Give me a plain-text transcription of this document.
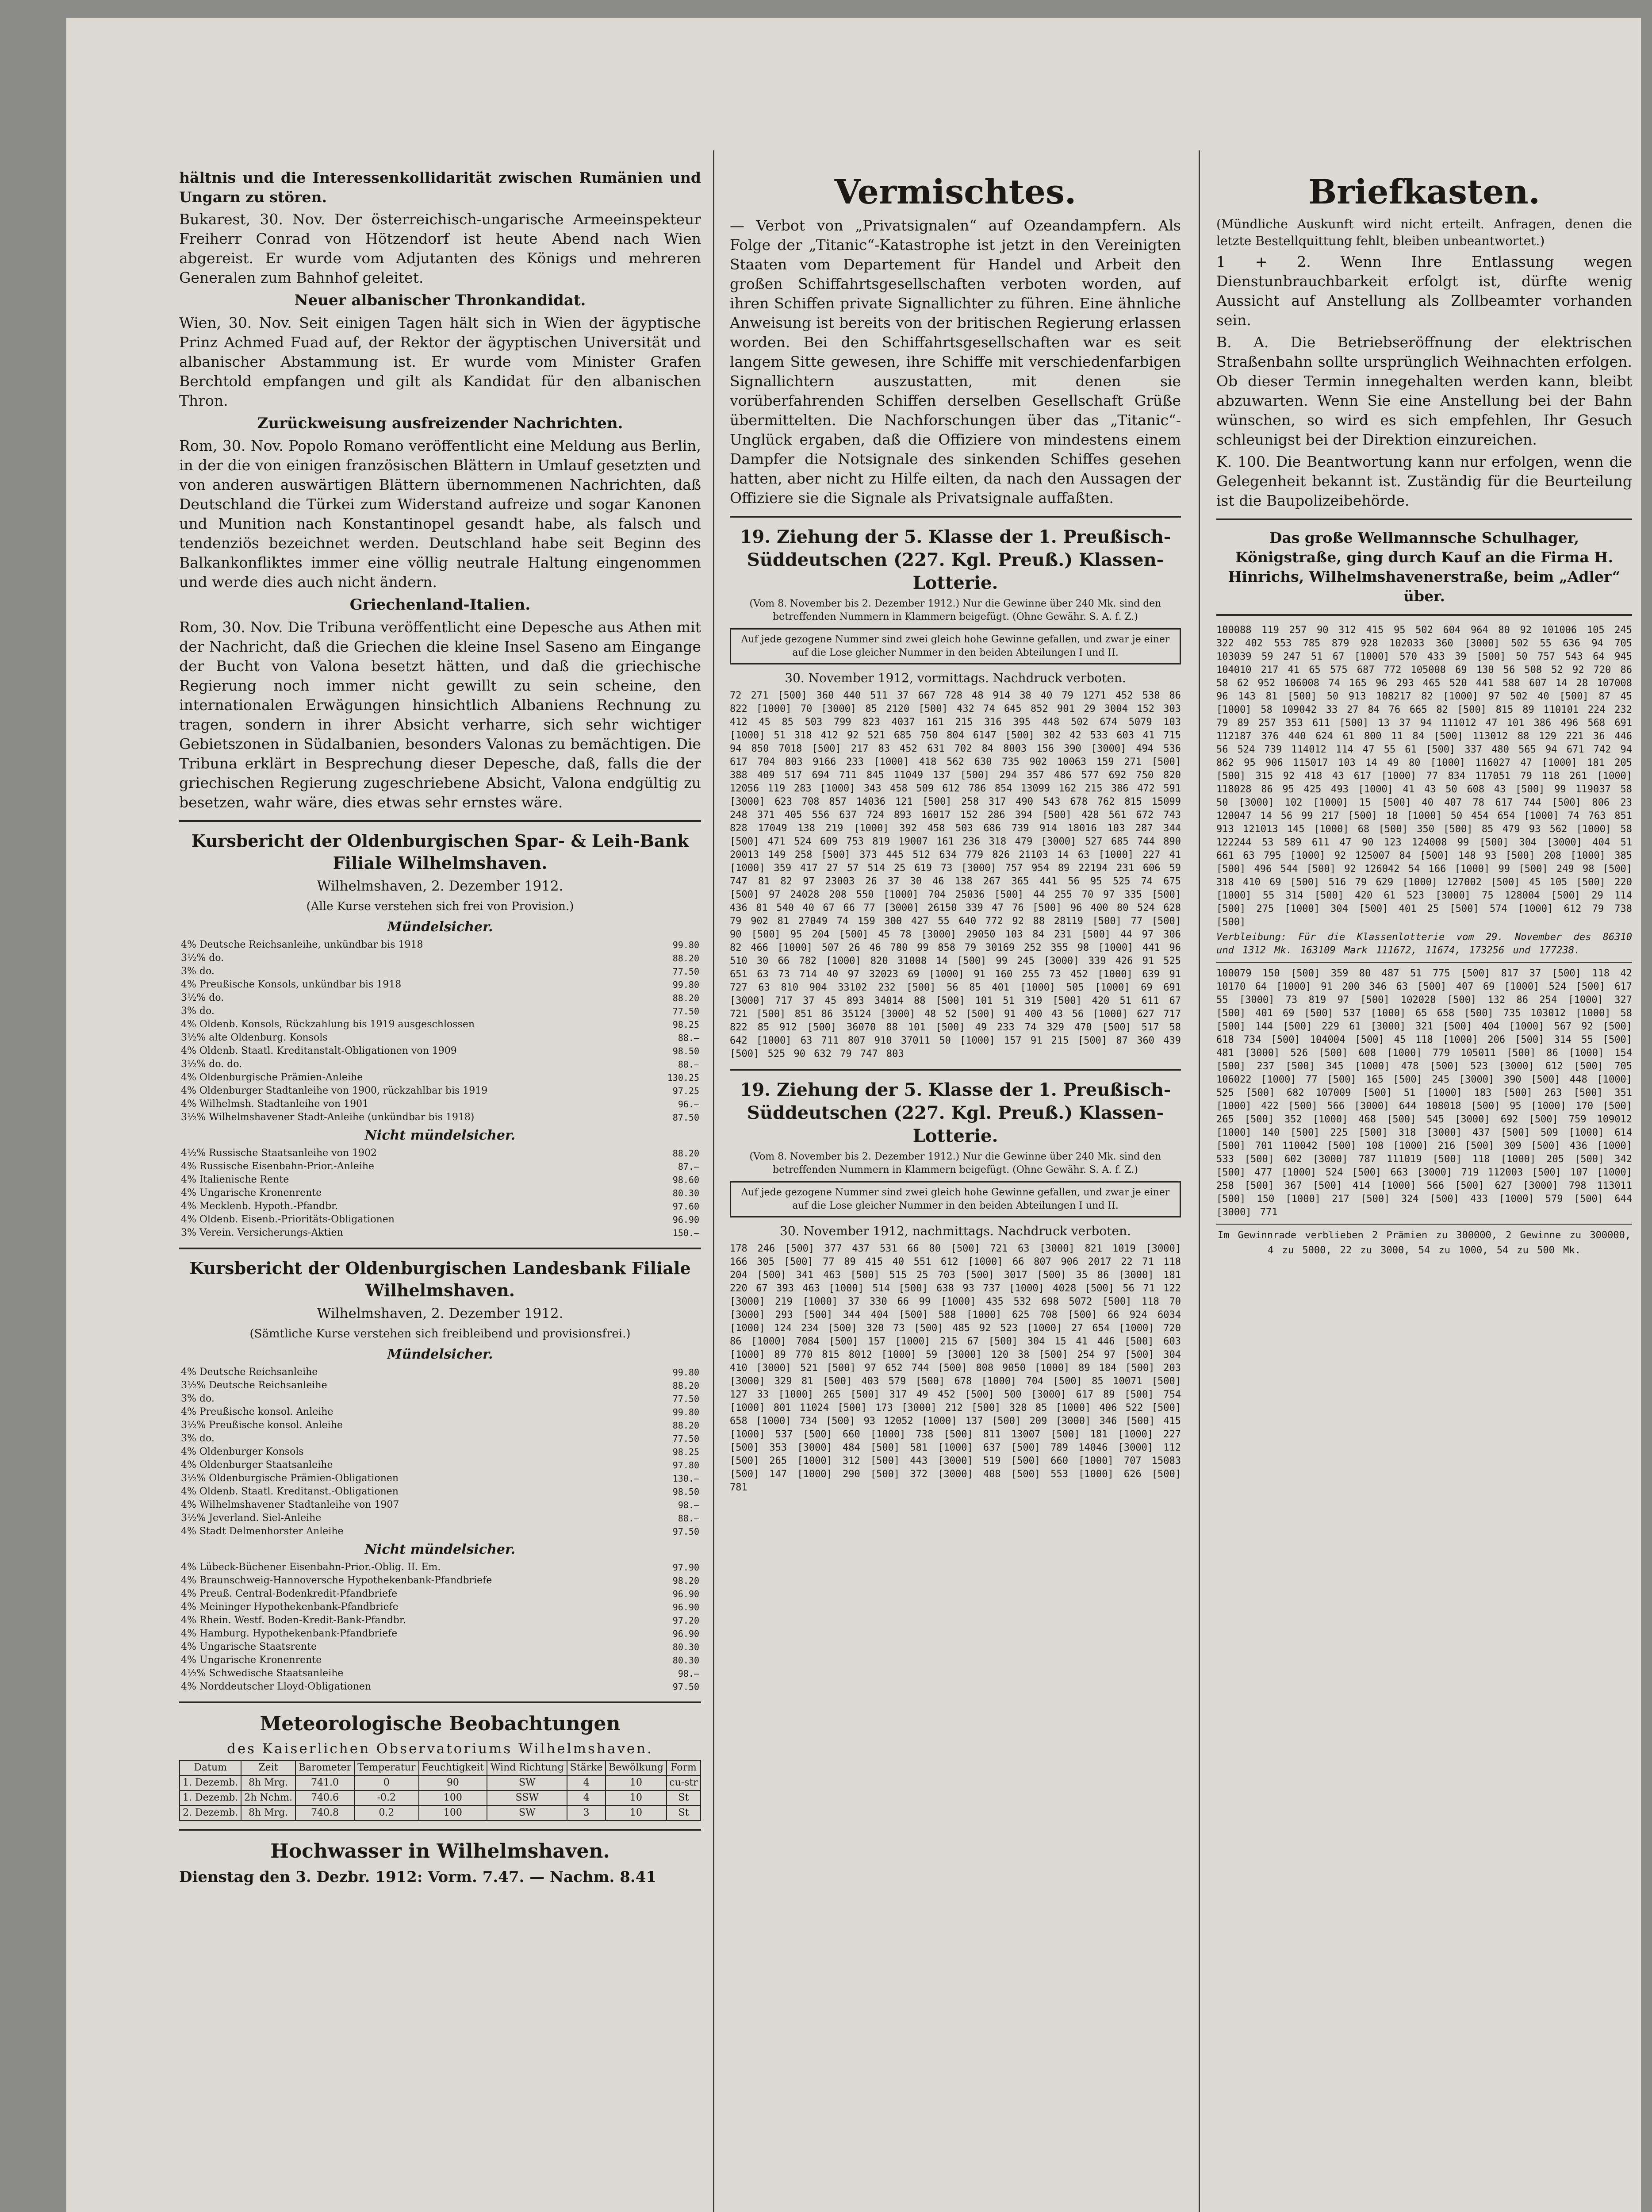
hältnis und die Interessenkollidarität zwischen Rumänien und Ungarn zu stören.

Bukarest, 30. Nov. Der österreichisch-ungarische Armeeinspekteur Freiherr Conrad von Hötzendorf ist heute Abend nach Wien abgereist. Er wurde vom Adjutanten des Königs und mehreren Generalen zum Bahnhof geleitet.

Neuer albanischer Thronkandidat.

Wien, 30. Nov. Seit einigen Tagen hält sich in Wien der ägyptische Prinz Achmed Fuad auf, der Rektor der ägyptischen Universität und albanischer Abstammung ist. Er wurde vom Minister Grafen Berchtold empfangen und gilt als Kandidat für den albanischen Thron.

Zurückweisung ausfreizender Nachrichten.

Rom, 30. Nov. Popolo Romano veröffentlicht eine Meldung aus Berlin, in der die von einigen französischen Blättern in Umlauf gesetzten und von anderen auswärtigen Blättern übernommenen Nachrichten, daß Deutschland die Türkei zum Widerstand aufreize und sogar Kanonen und Munition nach Konstantinopel gesandt habe, als falsch und tendenziös bezeichnet werden. Deutschland habe seit Beginn des Balkankonfliktes immer eine völlig neutrale Haltung eingenommen und werde dies auch nicht ändern.

Griechenland-Italien.

Rom, 30. Nov. Die Tribuna veröffentlicht eine Depesche aus Athen mit der Nachricht, daß die Griechen die kleine Insel Saseno am Eingange der Bucht von Valona besetzt hätten, und daß die griechische Regierung noch immer nicht gewillt zu sein scheine, den internationalen Erwägungen hinsichtlich Albaniens Rechnung zu tragen, sondern in ihrer Absicht verharre, sich sehr wichtiger Gebietszonen in Südalbanien, besonders Valonas zu bemächtigen. Die Tribuna erklärt in Besprechung dieser Depesche, daß, falls die der griechischen Regierung zugeschriebene Absicht, Valona endgültig zu besetzen, wahr wäre, dies etwas sehr ernstes wäre.

Kursbericht der Oldenburgischen Spar- & Leih-Bank Filiale Wilhelmshaven.
Wilhelmshaven, 2. Dezember 1912.
(Alle Kurse verstehen sich frei von Provision.)
Mündelsicher.
4% Deutsche Reichsanleihe, unkündbar bis 1918	99.80
3½% do.	88.20
3% do.	77.50
4% Preußische Konsols, unkündbar bis 1918	99.80
3½% do.	88.20
3% do.	77.50
4% Oldenb. Konsols, Rückzahlung bis 1919 ausgeschlossen	98.25
3½% alte Oldenburg. Konsols	88.—
4% Oldenb. Staatl. Kreditanstalt-Obligationen von 1909	98.50
3½% do. do.	88.—
4% Oldenburgische Prämien-Anleihe	130.25
4% Oldenburger Stadtanleihe von 1900, rückzahlbar bis 1919	97.25
4% Wilhelmsh. Stadtanleihe von 1901	96.—
3½% Wilhelmshavener Stadt-Anleihe (unkündbar bis 1918)	87.50
Nicht mündelsicher.
4½% Russische Staatsanleihe von 1902	88.20
4% Russische Eisenbahn-Prior.-Anleihe	87.—
4% Italienische Rente	98.60
4% Ungarische Kronenrente	80.30
4% Mecklenb. Hypoth.-Pfandbr.	97.60
4% Oldenb. Eisenb.-Prioritäts-Obligationen	96.90
3% Verein. Versicherungs-Aktien	150.—
Kursbericht der Oldenburgischen Landesbank Filiale Wilhelmshaven.
Wilhelmshaven, 2. Dezember 1912.
(Sämtliche Kurse verstehen sich freibleibend und provisionsfrei.)
Mündelsicher.
4% Deutsche Reichsanleihe	99.80
3½% Deutsche Reichsanleihe	88.20
3% do.	77.50
4% Preußische konsol. Anleihe	99.80
3½% Preußische konsol. Anleihe	88.20
3% do.	77.50
4% Oldenburger Konsols	98.25
4% Oldenburger Staatsanleihe	97.80
3½% Oldenburgische Prämien-Obligationen	130.—
4% Oldenb. Staatl. Kreditanst.-Obligationen	98.50
4% Wilhelmshavener Stadtanleihe von 1907	98.—
3½% Jeverland. Siel-Anleihe	88.—
4% Stadt Delmenhorster Anleihe	97.50
Nicht mündelsicher.
4% Lübeck-Büchener Eisenbahn-Prior.-Oblig. II. Em.	97.90
4% Braunschweig-Hannoversche Hypothekenbank-Pfandbriefe	98.20
4% Preuß. Central-Bodenkredit-Pfandbriefe	96.90
4% Meininger Hypothekenbank-Pfandbriefe	96.90
4% Rhein. Westf. Boden-Kredit-Bank-Pfandbr.	97.20
4% Hamburg. Hypothekenbank-Pfandbriefe	96.90
4% Ungarische Staatsrente	80.30
4% Ungarische Kronenrente	80.30
4½% Schwedische Staatsanleihe	98.—
4% Norddeutscher Lloyd-Obligationen	97.50
Meteorologische Beobachtungen
des Kaiserlichen Observatoriums Wilhelmshaven.
Datum	Zeit	Barometer	Temperatur	Feuchtigkeit	Wind Richtung	Stärke	Bewölkung	Form
1. Dezemb.	8h Mrg.	741.0	0	90	SW	4	10	cu-str
1. Dezemb.	2h Nchm.	740.6	-0.2	100	SSW	4	10	St
2. Dezemb.	8h Mrg.	740.8	0.2	100	SW	3	10	St
Hochwasser in Wilhelmshaven.
Dienstag den 3. Dezbr. 1912: Vorm. 7.47. — Nachm. 8.41
Vermischtes.

— Verbot von „Privatsignalen“ auf Ozeandampfern. Als Folge der „Titanic“-Katastrophe ist jetzt in den Vereinigten Staaten vom Departement für Handel und Arbeit den großen Schiffahrtsgesellschaften verboten worden, auf ihren Schiffen private Signallichter zu führen. Eine ähnliche Anweisung ist bereits von der britischen Regierung erlassen worden. Bei den Schiffahrtsgesellschaften war es seit langem Sitte gewesen, ihre Schiffe mit verschiedenfarbigen Signallichtern auszustatten, mit denen sie vorüberfahrenden Schiffen derselben Gesellschaft Grüße übermittelten. Die Nachforschungen über das „Titanic“-Unglück ergaben, daß die Offiziere von mindestens einem Dampfer die Notsignale des sinkenden Schiffes gesehen hatten, aber nicht zu Hilfe eilten, da nach den Aussagen der Offiziere sie die Signale als Privatsignale auffaßten.

19. Ziehung der 5. Klasse der 1. Preußisch-Süddeutschen (227. Kgl. Preuß.) Klassen-Lotterie.
(Vom 8. November bis 2. Dezember 1912.) Nur die Gewinne über 240 Mk. sind den betreffenden Nummern in Klammern beigefügt. (Ohne Gewähr. S. A. f. Z.)
Auf jede gezogene Nummer sind zwei gleich hohe Gewinne gefallen, und zwar je einer auf die Lose gleicher Nummer in den beiden Abteilungen I und II.
30. November 1912, vormittags. Nachdruck verboten.

72 271 [500] 360 440 511 37 667 728 48 914 38 40 79 1271 452 538 86 822 [1000] 70 [3000] 85 2120 [500] 432 74 645 852 901 29 3004 152 303 412 45 85 503 799 823 4037 161 215 316 395 448 502 674 5079 103 [1000] 51 318 412 92 521 685 750 804 6147 [500] 302 42 533 603 41 715 94 850 7018 [500] 217 83 452 631 702 84 8003 156 390 [3000] 494 536 617 704 803 9166 233 [1000] 418 562 630 735 902 10063 159 271 [500] 388 409 517 694 711 845 11049 137 [500] 294 357 486 577 692 750 820 12056 119 283 [1000] 343 458 509 612 786 854 13099 162 215 386 472 591 [3000] 623 708 857 14036 121 [500] 258 317 490 543 678 762 815 15099 248 371 405 556 637 724 893 16017 152 286 394 [500] 428 561 672 743 828 17049 138 219 [1000] 392 458 503 686 739 914 18016 103 287 344 [500] 471 524 609 753 819 19007 161 236 318 479 [3000] 527 685 744 890 20013 149 258 [500] 373 445 512 634 779 826 21103 14 63 [1000] 227 41 [1000] 359 417 27 57 514 25 619 73 [3000] 757 954 89 22194 231 606 59 747 81 82 97 23003 26 37 30 46 138 267 365 441 56 95 525 74 675 [500] 97 24028 208 550 [1000] 704 25036 [500] 44 255 70 97 335 [500] 436 81 540 40 67 66 77 [3000] 26150 339 47 76 [500] 96 400 80 524 628 79 902 81 27049 74 159 300 427 55 640 772 92 88 28119 [500] 77 [500] 90 [500] 95 204 [500] 45 78 [3000] 29050 103 84 231 [500] 44 97 306 82 466 [1000] 507 26 46 780 99 858 79 30169 252 355 98 [1000] 441 96 510 30 66 782 [1000] 820 31008 14 [500] 99 245 [3000] 339 426 91 525 651 63 73 714 40 97 32023 69 [1000] 91 160 255 73 452 [1000] 639 91 727 63 810 904 33102 232 [500] 56 85 401 [1000] 505 [1000] 69 691 [3000] 717 37 45 893 34014 88 [500] 101 51 319 [500] 420 51 611 67 721 [500] 851 86 35124 [3000] 48 52 [500] 91 400 43 56 [1000] 627 717 822 85 912 [500] 36070 88 101 [500] 49 233 74 329 470 [500] 517 58 642 [1000] 63 711 807 910 37011 50 [1000] 157 91 215 [500] 87 360 439 [500] 525 90 632 79 747 803

19. Ziehung der 5. Klasse der 1. Preußisch-Süddeutschen (227. Kgl. Preuß.) Klassen-Lotterie.
(Vom 8. November bis 2. Dezember 1912.) Nur die Gewinne über 240 Mk. sind den betreffenden Nummern in Klammern beigefügt. (Ohne Gewähr. S. A. f. Z.)
Auf jede gezogene Nummer sind zwei gleich hohe Gewinne gefallen, und zwar je einer auf die Lose gleicher Nummer in den beiden Abteilungen I und II.
30. November 1912, nachmittags. Nachdruck verboten.

178 246 [500] 377 437 531 66 80 [500] 721 63 [3000] 821 1019 [3000] 166 305 [500] 77 89 415 40 551 612 [1000] 66 807 906 2017 22 71 118 204 [500] 341 463 [500] 515 25 703 [500] 3017 [500] 35 86 [3000] 181 220 67 393 463 [1000] 514 [500] 638 93 737 [1000] 4028 [500] 56 71 122 [3000] 219 [1000] 37 330 66 99 [1000] 435 532 698 5072 [500] 118 70 [3000] 293 [500] 344 404 [500] 588 [1000] 625 708 [500] 66 924 6034 [1000] 124 234 [500] 320 73 [500] 485 92 523 [1000] 27 654 [1000] 720 86 [1000] 7084 [500] 157 [1000] 215 67 [500] 304 15 41 446 [500] 603 [1000] 89 770 815 8012 [1000] 59 [3000] 120 38 [500] 254 97 [500] 304 410 [3000] 521 [500] 97 652 744 [500] 808 9050 [1000] 89 184 [500] 203 [3000] 329 81 [500] 403 579 [500] 678 [1000] 704 [500] 85 10071 [500] 127 33 [1000] 265 [500] 317 49 452 [500] 500 [3000] 617 89 [500] 754 [1000] 801 11024 [500] 173 [3000] 212 [500] 328 85 [1000] 406 522 [500] 658 [1000] 734 [500] 93 12052 [1000] 137 [500] 209 [3000] 346 [500] 415 [1000] 537 [500] 660 [1000] 738 [500] 811 13007 [500] 181 [1000] 227 [500] 353 [3000] 484 [500] 581 [1000] 637 [500] 789 14046 [3000] 112 [500] 265 [1000] 312 [500] 443 [3000] 519 [500] 660 [1000] 707 15083 [500] 147 [1000] 290 [500] 372 [3000] 408 [500] 553 [1000] 626 [500] 781

Briefkasten.

(Mündliche Auskunft wird nicht erteilt. Anfragen, denen die letzte Bestellquittung fehlt, bleiben unbeantwortet.)

1 + 2. Wenn Ihre Entlassung wegen Dienstunbrauchbarkeit erfolgt ist, dürfte wenig Aussicht auf Anstellung als Zollbeamter vorhanden sein.

B. A. Die Betriebseröffnung der elektrischen Straßenbahn sollte ursprünglich Weihnachten erfolgen. Ob dieser Termin innegehalten werden kann, bleibt abzuwarten. Wenn Sie eine Anstellung bei der Bahn wünschen, so wird es sich empfehlen, Ihr Gesuch schleunigst bei der Direktion einzureichen.

K. 100. Die Beantwortung kann nur erfolgen, wenn die Gelegenheit bekannt ist. Zuständig für die Beurteilung ist die Baupolizeibehörde.

Das große Wellmannsche Schulhager, Königstraße, ging durch Kauf an die Firma H. Hinrichs, Wilhelmshavenerstraße, beim „Adler“ über.

100088 119 257 90 312 415 95 502 604 964 80 92 101006 105 245 322 402 553 785 879 928 102033 360 [3000] 502 55 636 94 705 103039 59 247 51 67 [1000] 570 433 39 [500] 50 757 543 64 945 104010 217 41 65 575 687 772 105008 69 130 56 508 52 92 720 86 58 62 952 106008 74 165 96 293 465 520 441 588 607 14 28 107008 96 143 81 [500] 50 913 108217 82 [1000] 97 502 40 [500] 87 45 [1000] 58 109042 33 27 84 76 665 82 [500] 815 89 110101 224 232 79 89 257 353 611 [500] 13 37 94 111012 47 101 386 496 568 691 112187 376 440 624 61 800 11 84 [500] 113012 88 129 221 36 446 56 524 739 114012 114 47 55 61 [500] 337 480 565 94 671 742 94 862 95 906 115017 103 14 49 80 [1000] 116027 47 [1000] 181 205 [500] 315 92 418 43 617 [1000] 77 834 117051 79 118 261 [1000] 118028 86 95 425 493 [1000] 41 43 50 608 43 [500] 99 119037 58 50 [3000] 102 [1000] 15 [500] 40 407 78 617 744 [500] 806 23 120047 14 56 99 217 [500] 18 [1000] 50 454 654 [1000] 74 763 851 913 121013 145 [1000] 68 [500] 350 [500] 85 479 93 562 [1000] 58 122244 53 589 611 47 90 123 124008 99 [500] 304 [3000] 404 51 661 63 795 [1000] 92 125007 84 [500] 148 93 [500] 208 [1000] 385 [500] 496 544 [500] 92 126042 54 166 [1000] 99 [500] 249 98 [500] 318 410 69 [500] 516 79 629 [1000] 127002 [500] 45 105 [500] 220 [1000] 55 314 [500] 420 61 523 [3000] 75 128004 [500] 29 114 [500] 275 [1000] 304 [500] 401 25 [500] 574 [1000] 612 79 738 [500]

Verbleibung: Für die Klassenlotterie vom 29. November des 86310 und 1312 Mk. 163109 Mark 111672, 11674, 173256 und 177238.

100079 150 [500] 359 80 487 51 775 [500] 817 37 [500] 118 42 10170 64 [1000] 91 200 346 63 [500] 407 69 [1000] 524 [500] 617 55 [3000] 73 819 97 [500] 102028 [500] 132 86 254 [1000] 327 [500] 401 69 [500] 537 [1000] 65 658 [500] 735 103012 [1000] 58 [500] 144 [500] 229 61 [3000] 321 [500] 404 [1000] 567 92 [500] 618 734 [500] 104004 [500] 45 118 [1000] 206 [500] 314 55 [500] 481 [3000] 526 [500] 608 [1000] 779 105011 [500] 86 [1000] 154 [500] 237 [500] 345 [1000] 478 [500] 523 [3000] 612 [500] 705 106022 [1000] 77 [500] 165 [500] 245 [3000] 390 [500] 448 [1000] 525 [500] 682 107009 [500] 51 [1000] 183 [500] 263 [500] 351 [1000] 422 [500] 566 [3000] 644 108018 [500] 95 [1000] 170 [500] 265 [500] 352 [1000] 468 [500] 545 [3000] 692 [500] 759 109012 [1000] 140 [500] 225 [500] 318 [3000] 437 [500] 509 [1000] 614 [500] 701 110042 [500] 108 [1000] 216 [500] 309 [500] 436 [1000] 533 [500] 602 [3000] 787 111019 [500] 118 [1000] 205 [500] 342 [500] 477 [1000] 524 [500] 663 [3000] 719 112003 [500] 107 [1000] 258 [500] 367 [500] 414 [1000] 566 [500] 627 [3000] 798 113011 [500] 150 [1000] 217 [500] 324 [500] 433 [1000] 579 [500] 644 [3000] 771

Im Gewinnrade verblieben 2 Prämien zu 300000, 2 Gewinne zu 300000,

4 zu 5000, 22 zu 3000, 54 zu 1000, 54 zu 500 Mk.
